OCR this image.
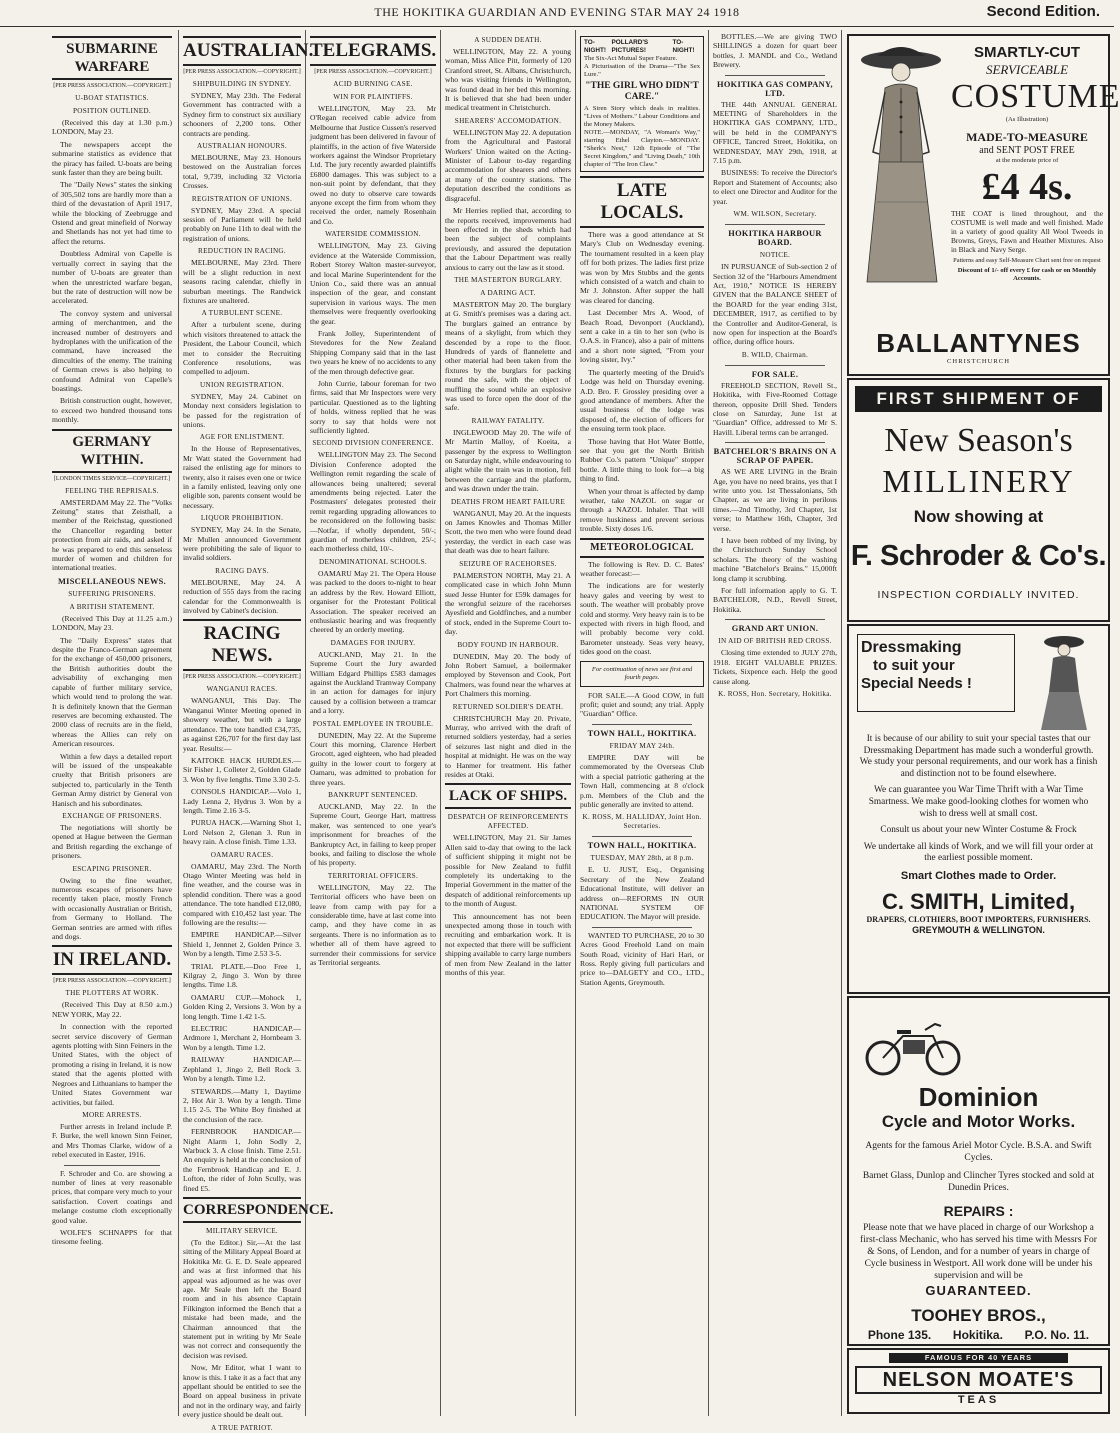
THE HOKITIKA GUARDIAN AND EVENING STAR MAY 24 1918	Second Edition.
SUBMARINE WARFARE
[PER PRESS ASSOCIATION.—COPYRIGHT.]
U-BOAT STATISTICS.
POSITION OUTLINED.

(Received this day at 1.30 p.m.) LONDON, May 23.

The newspapers accept the submarine statistics as evidence that the piracy has failed. U-boats are being sunk faster than they are being built.

The "Daily News" states the sinking of 305,502 tons are hardly more than a third of the devastation of April 1917, while the blocking of Zeebrugge and Ostend and great minefield of Norway and Shetlands has not yet had time to affect the returns.

Doubtless Admiral von Capelle is vertually correct in saying that the number of U-boats are greater than when the unrestricted warfare began, but the rate of destruction will now be accelerated.

The convoy system and universal arming of merchantmen, and the increased number of destroyers and hydroplanes with the unification of the command, have increased the dimculties of the enemy. The training of German crews is also helping to confound Admiral von Capelle's boastings.

British construction ought, however, to exceed two hundred thousand tons monthly.

GERMANY WITHIN.
[LONDON TIMES SERVICE—COPYRIGHT.]
FEELING THE REPRISALS.

AMSTERDAM May 22. The "Volks Zeitung" states that Zeisthall, a member of the Reichstag, questioned the Chancellor regarding better protection from air raids, and asked if he was prepared to end this senseless murder of women and children for international treaties.

MISCELLANEOUS NEWS.
SUFFERING PRISONERS.
A BRITISH STATEMENT.

(Received This Day at 11.25 a.m.) LONDON, May 23.

The "Daily Express" states that despite the Franco-German agreement for the exchange of 450,000 prisoners, the British authorities doubt the advisability of exchanging men capable of further military service, which would tend to prolong the war. It is definitely known that the German reserves are becoming exhausted. The 2000 class of recruits are in the field, whereas the Allies can rely on American resources.

Within a few days a detailed report will be issued of the unspeakable cruelty that British prisoners are subjected to, particularly in the Tenth German Army district by General von Hanisch and his subordinates.

EXCHANGE OF PRISONERS.

The negotiations will shortly be opened at Hague between the German and British regarding the exchange of prisoners.

ESCAPING PRISONER.

Owing to the fine weather, numerous escapes of prisoners have recently taken place, mostly French with occasionally Australian or British, from Germany to Holland. The German sentries are armed with rifles and dogs.

IN IRELAND.
[PER PRESS ASSOCIATION.—COPYRIGHT.]
THE PLOTTERS AT WORK.

(Received This Day at 8.50 a.m.) NEW YORK, May 22.

In connection with the reported secret service discovery of German agents plotting with Sinn Feiners in the United States, with the object of promoting a rising in Ireland, it is now stated that the agents plotted with Negroes and Lithuanians to hamper the United States Government war activities, but failed.

MORE ARRESTS.

Further arrests in Ireland include P. F. Burke, the well known Sinn Feiner, and Mrs Thomas Clarke, widow of a rebel executed in Easter, 1916.

F. Schroder and Co. are showing a number of lines at very reasonable prices, that compare very much to your satisfaction. Covert coatings and melange costume cloth exceptionally good value.

WOLFE'S SCHNAPPS for that tiresome feeling.

AUSTRALIAN.
[PER PRESS ASSOCIATION.—COPYRIGHT.]
SHIPBUILDING IN SYDNEY.

SYDNEY, May 23th. The Federal Government has contracted with a Sydney firm to construct six auxiliary schooners of 2,200 tons. Other contracts are pending.

AUSTRALIAN HONOURS.

MELBOURNE, May 23. Honours bestowed on the Australian forces total, 9,739, including 32 Victoria Crosses.

REGISTRATION OF UNIONS.

SYDNEY, May 23rd. A special session of Parliament will be held probably on June 11th to deal with the registration of unions.

REDUCTION IN RACING.

MELBOURNE, May 23rd. There will be a slight reduction in next seasons racing calendar, chiefly in suburban meetings. The Randwick fixtures are unaltered.

A TURBULENT SCENE.

After a turbulent scene, during which visitors threatened to attack the President, the Labour Council, which met to consider the Recruiting Conference resolutions, was compelled to adjourn.

UNION REGISTRATION.

SYDNEY, May 24. Cabinet on Monday next considers legislation to be passed for the registration of unions.

AGE FOR ENLISTMENT.

In the House of Representatives, Mr Watt stated the Government had raised the enlisting age for minors to twenty, also it raises even one or twice in a family enlisted, leaving only one eligible son, parents consent would be necessary.

LIQUOR PROHIBITION.

SYDNEY, May 24. In the Senate, Mr Mullen announced Government were prohibiting the sale of liquor to invalid soldiers.

RACING DAYS.

MELBOURNE, May 24. A reduction of 555 days from the racing calendar for the Commonwealth is involved by Cabinet's decision.

RACING NEWS.
[PER PRESS ASSOCIATION.—COPYRIGHT.]
WANGANUI RACES.

WANGANUI, This Day. The Wanganui Winter Meeting opened in showery weather, but with a large attendance. The tote handled £34,735, as against £26,707 for the first day last year. Results:—

KAITOKE HACK HURDLES.—Sir Fisher 1, Colleter 2, Golden Glade 3. Won by five lengths. Time 3.30 2-5.

CONSOLS HANDICAP.—Volo 1, Lady Lenna 2, Hydrus 3. Won by a length. Time 2.16 3-5.

PURUA HACK.—Warning Shot 1, Lord Nelson 2, Glenan 3. Run in heavy rain. A close finish. Time 1.33.

OAMARU RACES.

OAMARU, May 23rd. The North Otago Winter Meeting was held in fine weather, and the course was in splendid condition. There was a good attendance. The tote handled £12,080, compared with £10,452 last year. The following are the results:—

EMPIRE HANDICAP.—Silver Shield 1, Jennnet 2, Golden Prince 3. Won by a length. Time 2.53 3-5.

TRIAL PLATE.—Doo Free 1, Kilgray 2, Jingo 3. Won by three lengths. Time 1.8.

OAMARU CUP.—Mohock 1, Golden King 2, Versions 3. Won by a long length. Time 1.42 1-5.

ELECTRIC HANDICAP.—Ardmore 1, Merchant 2, Hornbeam 3. Won by a length. Time 1.2.

RAILWAY HANDICAP.—Zephland 1, Jingo 2, Bell Rock 3. Won by a length. Time 1.2.

STEWARDS.—Matty 1, Daytime 2, Hot Air 3. Won by a length. Time 1.15 2-5. The White Boy finished at the conclusion of the race.

FERNBROOK HANDICAP.—Night Alarm 1, John Sodly 2, Warbuck 3. A close finish. Time 2.51. An enquiry is held at the conclusion of the Fernbrook Handicap and E. J. Lofton, the rider of John Scully, was fined £5.

CORRESPONDENCE.
MILITARY SERVICE.

(To the Editor.) Sir,—At the last sitting of the Military Appeal Board at Hokitika Mr. G. E. D. Seale appeared and was at first informed that his appeal was adjourned as he was over age. Mr Seale then left the Board room and in his absence Captain Filkington informed the Bench that a mistake had been made, and the Chairman announced that the statement put in writing by Mr Seale was not correct and consequently the decision was revised.

Now, Mr Editor, what I want to know is this. I take it as a fact that any appellant should be entitled to see the Board on appeal business in private and not in the ordinary way, and fairly every justice should be dealt out.

A TRUE PATRIOT.
TELEGRAMS.
[PER PRESS ASSOCIATION.—COPYRIGHT.]
ACID BURNING CASE.
WIN FOR PLAINTIFFS.

WELLINGTON, May 23. Mr O'Regan received cable advice from Melbourne that Justice Cussen's reserved judgment has been delivered in favour of plaintiffs, in the action of five Waterside workers against the Windsor Proprietary Ltd. The jury recently awarded plaintiffs £6800 damages. This was subject to a non-suit point by defendant, that they owed no duty to observe care towards anyone except the firm from whom they received the order, namely Rosenhain and Co.

WATERSIDE COMMISSION.

WELLINGTON, May 23. Giving evidence at the Waterside Commission, Robert Storey Walton master-surveyor, and local Marine Superintendent for the Union Co., said there was an annual inspection of the gear, and constant supervision in various ways. The men themselves were frequently overlooking the gear.

Frank Jolley, Superintendent of Stevedores for the New Zealand Shipping Company said that in the last two years he knew of no accidents to any of the men through defective gear.

John Currie, labour foreman for two firms, said that Mr Inspectors were very particular. Questioned as to the lighting of holds, witness replied that he was sorry to say that holds were not sufficiently lighted.

SECOND DIVISION CONFERENCE.

WELLINGTON May 23. The Second Division Conference adopted the Wellington remit regarding the scale of allowances being unaltered; several amendments being rejected. Later the Postmasters' delegates protested their remit regarding upgrading allowances to be reconsidered on the following basis:—Notfar, if wholly dependent, 50/-; guardian of motherless children, 25/-; each motherless child, 10/-.

DENOMINATIONAL SCHOOLS.

OAMARU May 21. The Opera House was packed to the doors to-night to hear an address by the Rev. Howard Elliott, organiser for the Protestant Political Association. The speaker received an enthusiastic hearing and was frequently cheered by an orderly meeting.

DAMAGES FOR INJURY.

AUCKLAND, May 21. In the Supreme Court the Jury awarded William Edgard Phillips £583 damages against the Auckland Tramway Company in an action for damages for injury caused by a collision between a tramcar and a lorry.

POSTAL EMPLOYEE IN TROUBLE.

DUNEDIN, May 22. At the Supreme Court this morning, Clarence Herbert Grocott, aged eighteen, who had pleaded guilty in the lower court to forgery at Oamaru, was admitted to probation for three years.

BANKRUPT SENTENCED.

AUCKLAND, May 22. In the Supreme Court, George Hart, mattress maker, was sentenced to one year's imprisonment for breaches of the Bankruptcy Act, in failing to keep proper books, and failing to disclose the whole of his property.

TERRITORIAL OFFICERS.

WELLINGTON, May 22. The Territorial officers who have been on leave from camp with pay for a considerable time, have at last come into camp, and they have come in as sergeants. There is no information as to whether all of them have agreed to surrender their commissions for service as Territorial sergeants.

A SUDDEN DEATH.

WELLINGTON, May 22. A young woman, Miss Alice Pitt, formerly of 120 Cranford street, St. Albans, Christchurch, who was visiting friends in Wellington, was found dead in her bed this morning. It is believed that she had been under medical treatment in Christchurch.

SHEARERS' ACCOMODATION.

WELLINGTON May 22. A deputation from the Agricultural and Pastoral Workers' Union waited on the Acting-Minister of Labour to-day regarding accommodation for shearers and others at many of the country stations. The deputation described the conditions as disgraceful.

Mr Herries replied that, according to the reports received, improvements had been effected in the sheds which had been the subject of complaints previously, and assured the deputation that the Labour Department was really anxious to carry out the law as it stood.

THE MASTERTON BURGLARY.
A DARING ACT.

MASTERTON May 20. The burglary at G. Smith's premises was a daring act. The burglars gained an entrance by means of a skylight, from which they descended by a rope to the floor. Hundreds of yards of flannelette and other material had been taken from the fixtures by the burglars for packing round the safe, with the object of muffling the sound while an explosive was used to force open the door of the safe.

RAILWAY FATALITY.

INGLEWOOD May 20. The wife of Mr Martin Malloy, of Koeita, a passenger by the express to Wellington on Saturday night, while endeavouring to alight while the train was in motion, fell between the carriage and the platform, and was drawn under the train.

DEATHS FROM HEART FAILURE

WANGANUI, May 20. At the inquests on James Knowles and Thomas Miller Scott, the two men who were found dead yesterday, the verdict in each case was that death was due to heart failure.

SEIZURE OF RACEHORSES.

PALMERSTON NORTH, May 21. A complicated case in which John Munn sued Jesse Hunter for £59k damages for the wrongful seizure of the racehorses Ayesfield and Goldfinches, and a number of stock, ended in the Supreme Court to-day.

BODY FOUND IN HARBOUR.

DUNEDIN, May 20. The body of John Robert Samuel, a boilermaker employed by Stevenson and Cook, Port Chalmers, was found near the wharves at Port Chalmers this morning.

RETURNED SOLDIER'S DEATH.

CHRISTCHURCH May 20. Private, Murray, who arrived with the draft of returned soldiers yesterday, had a series of seizures last night and died in the hospital at midnight. He was on the way to Hanmer for treatment. His father resides at Otaki.

LACK OF SHIPS.
DESPATCH OF REINFORCEMENTS AFFECTED.

WELLINGTON, May 21. Sir James Allen said to-day that owing to the lack of sufficient shipping it might not be possible for New Zealand to fulfil completely its undertaking to the Imperial Government in the matter of the despatch of additional reinforcements up to the month of August.

This announcement has not been unexpected among those in touch with recruiting and embarkation work. It is not expected that there will be sufficient shipping available to carry large numbers of men from New Zealand in the latter months of this year.

TO-NIGHT!
POLLARD'S PICTURES!
TO-NIGHT!
The Six-Act Mutual Super Feature.
A Picturisation of the Drama—"The Sex Lure."
"THE GIRL WHO DIDN'T CARE."
A Siren Story which deals in realities. "Lives of Mothers." Labour Conditions and the Money Makers.
NOTE.—MONDAY, "A Woman's Way," starring Ethel Clayton.—MONDAY. "Sherk's Nest," 12th Episode of "The Secret Kingdom," and "Living Death," 10th chapter of "The Iron Claw."
LATE LOCALS.

There was a good attendance at St Mary's Club on Wednesday evening. The tournament resulted in a keen play off for both prizes. The ladies first prize was won by Mrs Stubbs and the gents which consisted of a watch and chain to Mr J. Johnston. After supper the hall was cleared for dancing.

Last December Mrs A. Wood, of Beach Road, Devonport (Auckland), sent a cake in a tin to her son (who is O.A.S. in France), also a pair of mittens and a short note signed, "From your loving sister, Ivy."

The quarterly meeting of the Druid's Lodge was held on Thursday evening. A.D. Bro. F. Grossley presiding over a good attendance of members. After the usual business of the lodge was disposed of, the election of officers for the ensuing term took place.

Those having that Hot Water Bottle, see that you get the North British Rubber Co.'s pattern "Unique" stopper bottle. A little thing to look for—a big thing to find.

When your throat is affected by damp weather, take NAZOL on sugar or through a NAZOL Inhaler. That will remove huskiness and prevent serious trouble. Sixty doses 1/6.

METEOROLOGICAL

The following is Rev. D. C. Bates' weather forecast:—

The indications are for westerly heavy gales and veering by west to south. The weather will probably prove cold and stormy. Very heavy rain is to be expected with rivers in high flood, and will probably become very cold. Barometer unsteady. Seas very heavy, tides good on the coast.

For continuation of news see first and fourth pages.

FOR SALE.—A Good COW, in full profit; quiet and sound; any trial. Apply "Guardian" Office.

TOWN HALL, HOKITIKA.
FRIDAY MAY 24th.

EMPIRE DAY will be commemorated by the Overseas Club with a special patriotic gathering at the Town Hall, commencing at 8 o'clock p.m. Members of the Club and the public generally are invited to attend.

K. ROSS, M. HALLIDAY, Joint Hon. Secretaries.
TOWN HALL, HOKITIKA.
TUESDAY, MAY 28th, at 8 p.m.

E. U. JUST, Esq., Organising Secretary of the New Zealand Educational Institute, will deliver an address on—REFORMS IN OUR NATIONAL SYSTEM OF EDUCATION. The Mayor will preside.

WANTED TO PURCHASE, 20 to 30 Acres Good Freehold Land on main South Road, vicinity of Hari Hari, or Ross. Reply giving full particulars and price to—DALGETY and CO., LTD., Station Agents, Greymouth.

BOTTLES.—We are giving TWO SHILLINGS a dozen for quart beer bottles, J. MANDL and Co., Wetland Brewery.

HOKITIKA GAS COMPANY, LTD.

THE 44th ANNUAL GENERAL MEETING of Shareholders in the HOKITIKA GAS COMPANY, LTD., will be held in the COMPANY'S OFFICE, Tancred Street, Hokitika, on WEDNESDAY, MAY 29th, 1918, at 7.15 p.m.

BUSINESS: To receive the Director's Report and Statement of Accounts; also to elect one Director and Auditor for the year.

WM. WILSON, Secretary.
HOKITIKA HARBOUR BOARD.
NOTICE.

IN PURSUANCE of Sub-section 2 of Section 32 of the "Harbours Amendment Act, 1910," NOTICE IS HEREBY GIVEN that the BALANCE SHEET of the BOARD for the year ending 31st, DECEMBER, 1917, as certified to by the Controller and Auditor-General, is now open for inspection at the Board's office, during office hours.

B. WILD, Chairman.
FOR SALE.

FREEHOLD SECTION, Revell St., Hokitika, with Five-Roomed Cottage thereon, opposite Drill Shed. Tenders close on Saturday, June 1st at "Guardian" Office, addressed to Mr S. Havill. Liberal terms can be arranged.

BATCHELOR'S BRAINS ON A SCRAP OF PAPER.

AS WE ARE LIVING in the Brain Age, you have no need brains, yes that I write unto you. 1st Thessalonians, 5th Chapter, as we are living in perilous times.—2nd Timothy, 3rd Chapter, 1st verse; to Matthew 16th, Chapter, 3rd verse.

I have been robbed of my living, by the Christchurch Sunday School scholars. The theory of the washing machine "Batchelor's Brains." 15,000ft long clamp it scrubbing.

For full information apply to G. T. BATCHELOR, N.D., Revell Street, Hokitika.

GRAND ART UNION.
IN AID OF BRITISH RED CROSS.

Closing time extended to JULY 27th, 1918. EIGHT VALUABLE PRIZES. Tickets, Sixpence each. Help the good cause along.

K. ROSS, Hon. Secretary, Hokitika.
SMARTLY-CUT
SERVICEABLE
COSTUME
(As Illustration)
MADE-TO-MEASURE
and SENT POST FREE
at the moderate price of
£4 4s.
THE COAT is lined throughout, and the COSTUME is well made and well finished. Made in a variety of good quality All Wool Tweeds in Browns, Greys, Fawn and Heather Mixtures. Also in Black and Navy Serge.
Patterns and easy Self-Measure Chart sent free on request
Discount of 1/- off every £ for cash or on Monthly Accounts.
BALLANTYNES
CHRISTCHURCH
FIRST SHIPMENT OF
New Season's
MILLINERY
Now showing at
F. Schroder & Co's.
INSPECTION CORDIALLY INVITED.
Dressmaking
to suit your
Special Needs !
It is because of our ability to suit your special tastes that our Dressmaking Department has made such a wonderful growth. We study your personal requirements, and our work has a finish and distinction not to be found elsewhere.
We can guarantee you War Time Thrift with a War Time Smartness. We make good-looking clothes for women who wish to dress well at small cost.
Consult us about your new Winter Costume & Frock
We undertake all kinds of Work, and we will fill your order at the earliest possible moment.
Smart Clothes made to Order.
C. SMITH, Limited,
DRAPERS, CLOTHIERS, BOOT IMPORTERS, FURNISHERS.
GREYMOUTH & WELLINGTON.
Dominion
Cycle and Motor Works.
Agents for the famous Ariel Motor Cycle. B.S.A. and Swift Cycles.
Barnet Glass, Dunlop and Clincher Tyres stocked and sold at Dunedin Prices.
REPAIRS :
Please note that we have placed in charge of our Workshop a first-class Mechanic, who has served his time with Messrs For & Sons, of Lendon, and for a number of years in charge of Cycle business in Westport. All work done will be under his supervision and will be
GUARANTEED.
TOOHEY BROS.,
Phone 135. Hokitika. P.O. No. 11.
FAMOUS FOR 40 YEARS
NELSON MOATE'S
TEAS
